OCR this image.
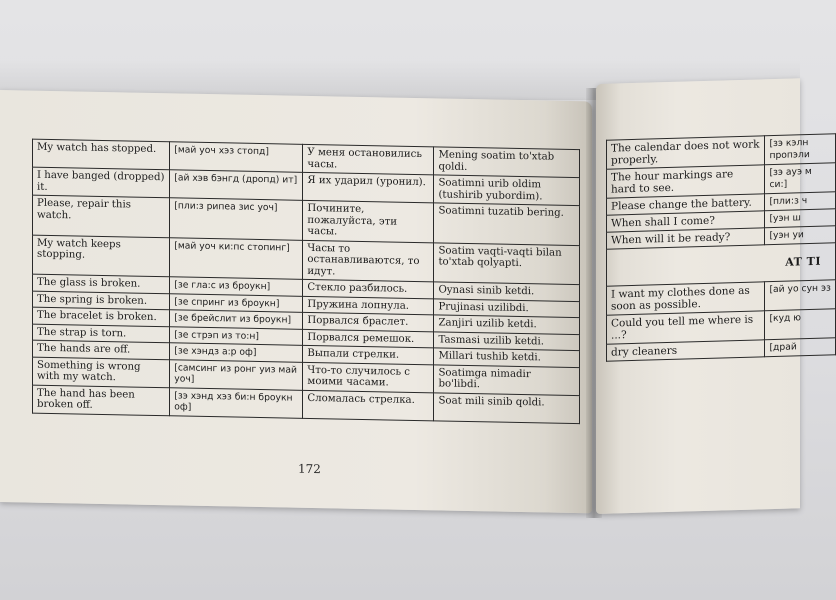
My watch has stopped.	[май уоч хэз стопд]	У меня остановились часы.	Mening soatim to'xtab qoldi.
I have banged (dropped) it.	[ай хэв бэнгд (дропд) ит]	Я их ударил (уронил).	Soatimni urib oldim (tushirib yubordim).
Please, repair this watch.	[пли:з рипеа зис уоч]	Почините, пожалуйста, эти часы.	Soatimni tuzatib bering.
My watch keeps stopping.	[май уоч ки:пс стопинг]	Часы то останавливаются, то идут.	Soatim vaqti-vaqti bilan to'xtab qolyapti.
The glass is broken.	[зе гла:с из броукн]	Стекло разбилось.	Oynasi sinib ketdi.
The spring is broken.	[зе спринг из броукн]	Пружина лопнула.	Prujinasi uzilibdi.
The bracelet is broken.	[зе брейслит из броукн]	Порвался браслет.	Zanjiri uzilib ketdi.
The strap is torn.	[зе стрэп из то:н]	Порвался ремешок.	Tasmasi uzilib ketdi.
The hands are off.	[зе хэндз а:р оф]	Выпали стрелки.	Millari tushib ketdi.
Something is wrong with my watch.	[самсинг из ронг уиз май уоч]	Что-то случилось с моими часами.	Soatimga nimadir bo'libdi.
The hand has been broken off.	[зэ хэнд хэз би:н броукн оф]	Сломалась стрелка.	Soat mili sinib qoldi.
172
The calendar does not work properly.	[зэ кэлн пропэли
The hour markings are hard to see.	[зэ ауэ м си:]
Please change the battery.	[пли:з ч
When shall I come?	[уэн ш
When will it be ready?	[уэн уи
AT TI	
I want my clothes done as soon as possible.	[ай уо сун эз
Could you tell me where is ...?	[куд ю
dry cleaners	[драй
